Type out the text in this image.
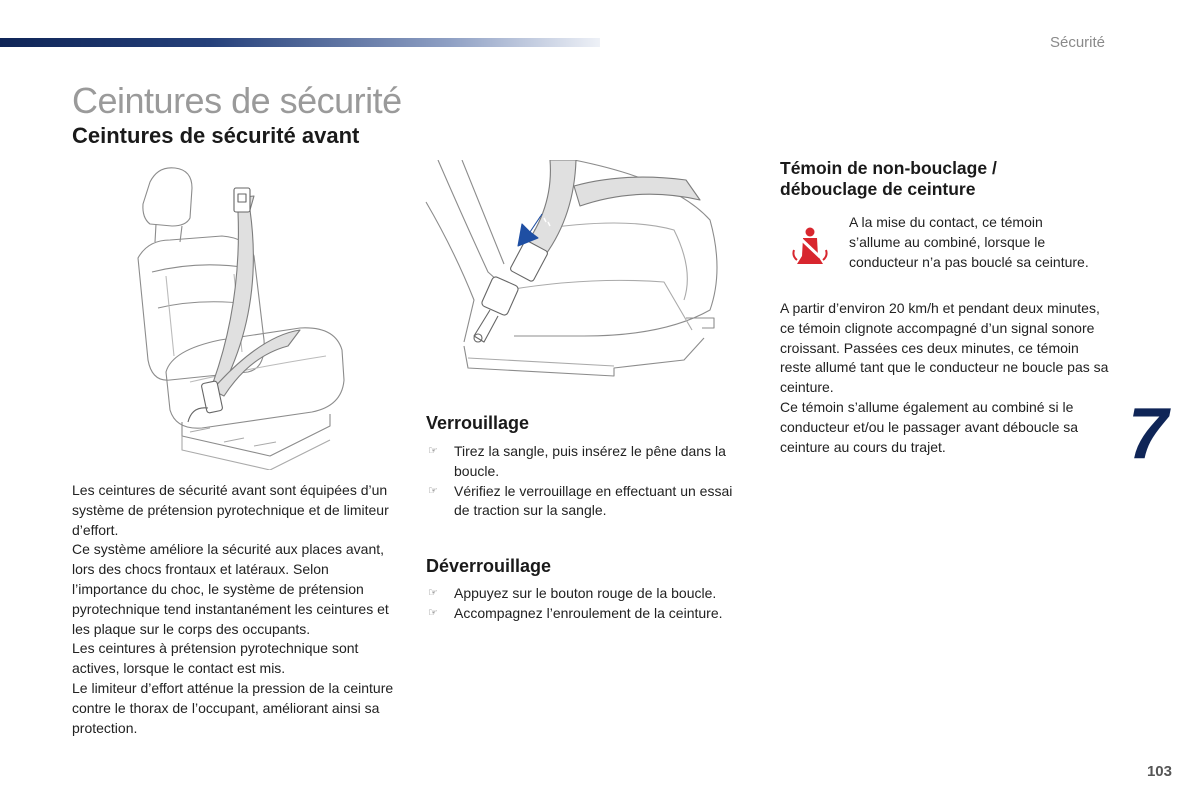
Sécurité
Ceintures de sécurité
Ceintures de sécurité avant

Les ceintures de sécurité avant sont équipées d’un système de prétension pyrotechnique et de limiteur d’effort.

Ce système améliore la sécurité aux places avant, lors des chocs frontaux et latéraux. Selon l’importance du choc, le système de prétension pyrotechnique tend instantanément les ceintures et les plaque sur le corps des occupants.

Les ceintures à prétension pyrotechnique sont actives, lorsque le contact est mis.

Le limiteur d’effort atténue la pression de la ceinture contre le thorax de l’occupant, améliorant ainsi sa protection.

Verrouillage
☞ Tirez la sangle, puis insérez le pêne dans la boucle.
☞ Vérifiez le verrouillage en effectuant un essai de traction sur la sangle.
Déverrouillage
☞ Appuyez sur le bouton rouge de la boucle.
☞ Accompagnez l’enroulement de la ceinture.
Témoin de non-bouclage / débouclage de ceinture
A la mise du contact, ce témoin s’allume au combiné, lorsque le conducteur n’a pas bouclé sa ceinture.

A partir d’environ 20 km/h et pendant deux minutes, ce témoin clignote accompagné d’un signal sonore croissant. Passées ces deux minutes, ce témoin reste allumé tant que le conducteur ne boucle pas sa ceinture.

Ce témoin s’allume également au combiné si le conducteur et/ou le passager avant déboucle sa ceinture au cours du trajet.	7
103
